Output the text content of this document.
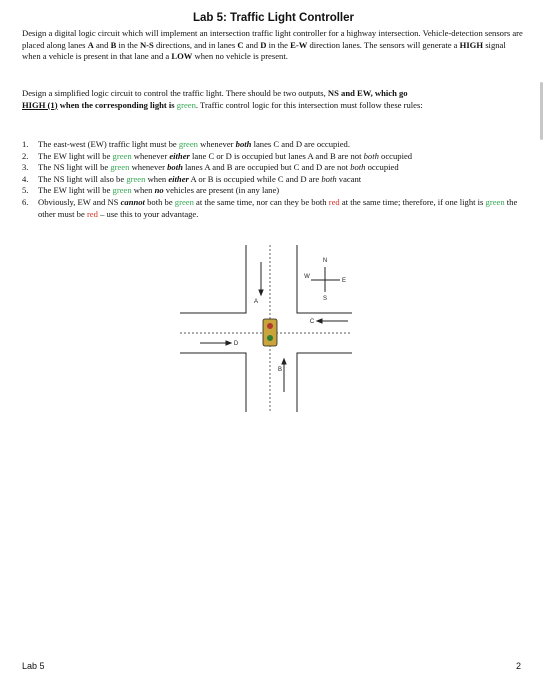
Lab 5: Traffic Light Controller
Design a digital logic circuit which will implement an intersection traffic light controller for a highway intersection. Vehicle-detection sensors are placed along lanes A and B in the N-S directions, and in lanes C and D in the E-W direction lanes. The sensors will generate a HIGH signal when a vehicle is present in that lane and a LOW when no vehicle is present.
Design a simplified logic circuit to control the traffic light. There should be two outputs, NS and EW, which go
HIGH (1) when the corresponding light is green. Traffic control logic for this intersection must follow these rules:
1. The east-west (EW) traffic light must be green whenever both lanes C and D are occupied.
2. The EW light will be green whenever either lane C or D is occupied but lanes A and B are not both occupied
3. The NS light will be green whenever both lanes A and B are occupied but C and D are not both occupied
4. The NS light will also be green when either A or B is occupied while C and D are both vacant
5. The EW light will be green when no vehicles are present (in any lane)
6. Obviously, EW and NS cannot both be green at the same time, nor can they be both red at the same time; therefore, if one light is green the other must be red – use this to your advantage.
A
B
C
D
N
S
W
E
Lab 5	2
